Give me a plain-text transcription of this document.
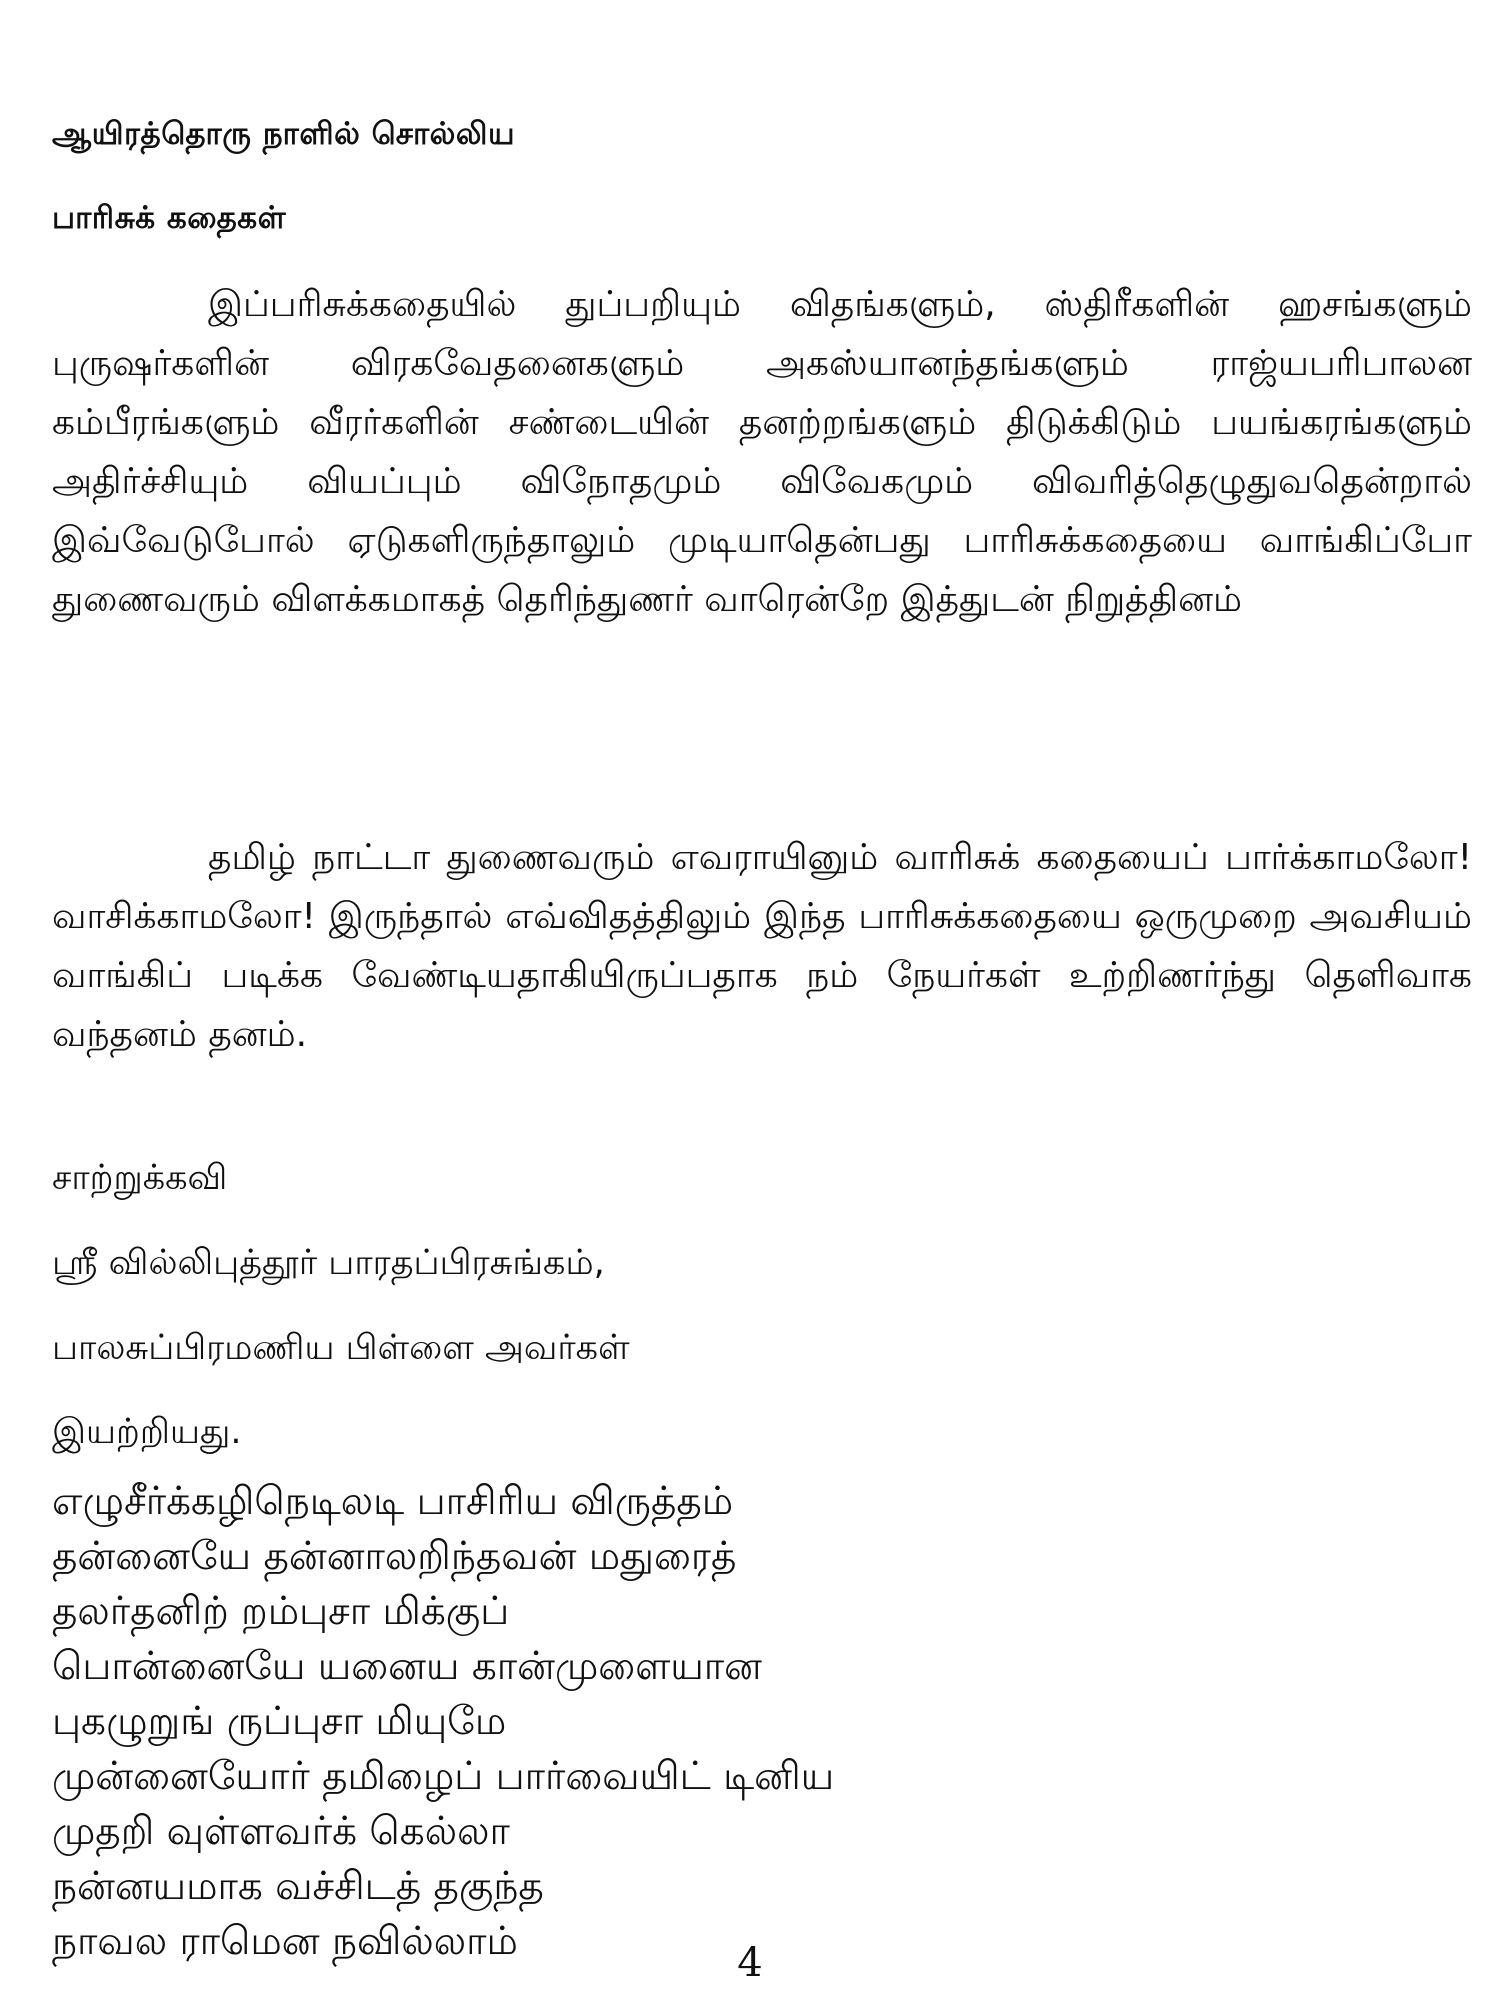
ஆயிரத்தொரு நாளில் சொல்லிய
பாரிசுக் கதைகள்

இப்பரிசுக்கதையில் துப்பறியும் விதங்களும், ஸ்திரீகளின் ஹசங்களும் புருஷர்களின் விரகவேதனைகளும் அகஸ்யானந்தங்களும் ராஜ்யபரிபாலன கம்பீரங்களும் வீரர்களின் சண்டையின் தனற்றங்களும் திடுக்கிடும் பயங்கரங்களும் அதிர்ச்சியும் வியப்பும் விநோதமும் விவேகமும் விவரித்தெழுதுவதென்றால் இவ்வேடுபோல் ஏடுகளிருந்தாலும் முடியாதென்பது பாரிசுக்கதையை வாங்கிப்போ துணைவரும் விளக்கமாகத் தெரிந்துணர் வாரென்றே இத்துடன் நிறுத்தினம்

தமிழ் நாட்டா துணைவரும் எவராயினும் வாரிசுக் கதையைப் பார்க்காமலோ! வாசிக்காமலோ! இருந்தால் எவ்விதத்திலும் இந்த பாரிசுக்கதையை ஒருமுறை அவசியம் வாங்கிப் படிக்க வேண்டியதாகியிருப்பதாக நம் நேயர்கள் உற்றிணர்ந்து தெளிவாக வந்தனம் தனம்.

சாற்றுக்கவி
ஸ்ரீ வில்லிபுத்தூர் பாரதப்பிரசுங்கம்,
பாலசுப்பிரமணிய பிள்ளை அவர்கள்
இயற்றியது.
எழுசீர்க்கழிநெடிலடி பாசிரிய விருத்தம்
தன்னையே தன்னாலறிந்தவன் மதுரைத்
தலர்தனிற் றம்புசா மிக்குப்
பொன்னையே யனைய கான்முளையான
புகழுறுங் ருப்புசா மியுமே
முன்னையோர் தமிழைப் பார்வையிட் டினிய
முதறி வுள்ளவர்க் கெல்லா
நன்னயமாக வச்சிடத் தகுந்த
நாவல ராமென நவில்லாம்	4
